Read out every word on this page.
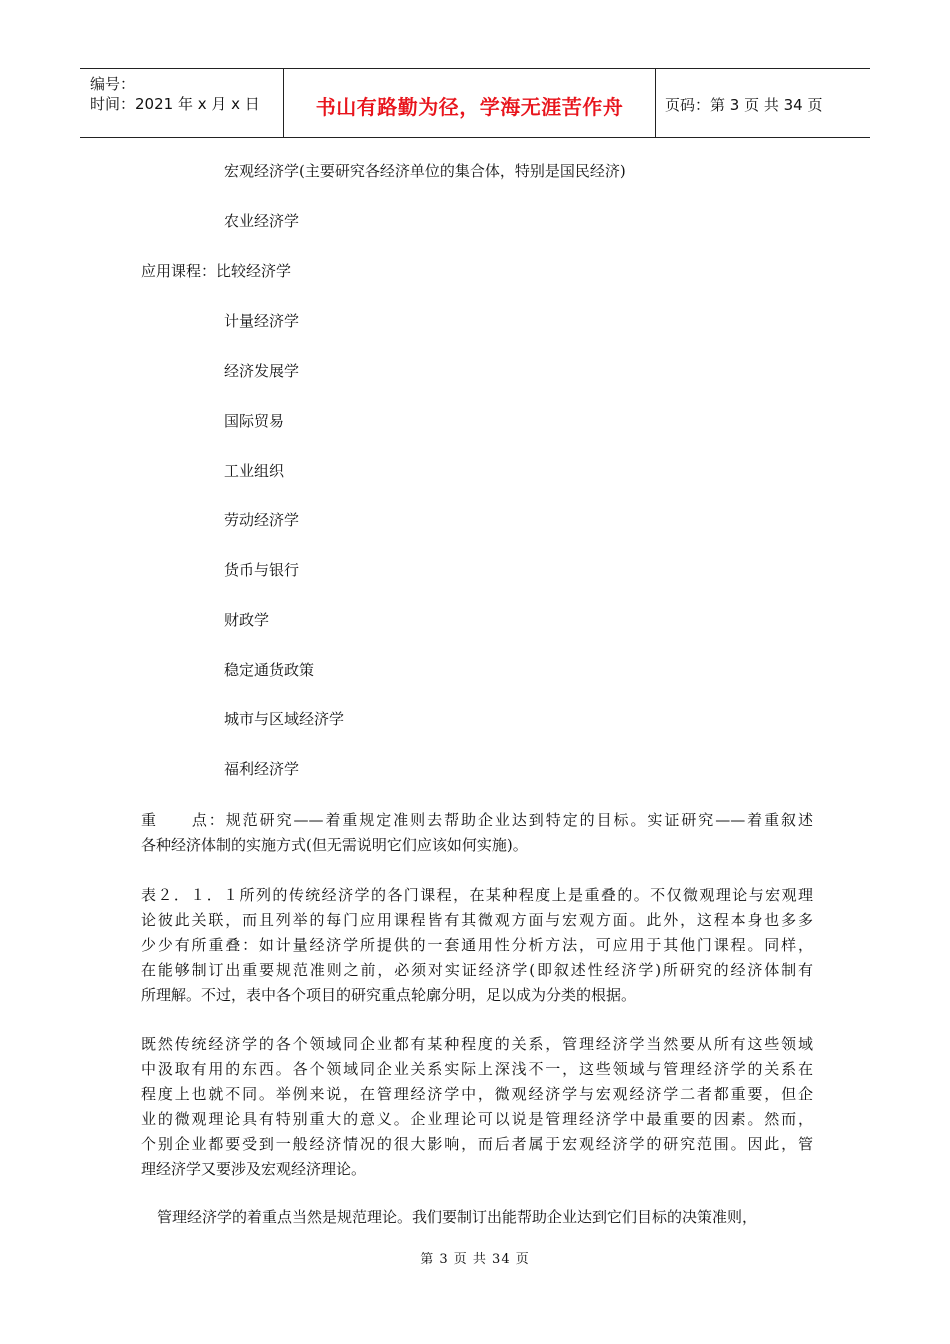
编号：
时间：2021 年 x 月 x 日	书山有路勤为径，学海无涯苦作舟	页码：第 3 页 共 34 页
宏观经济学(主要研究各经济单位的集合体，特别是国民经济)
农业经济学
应用课程：比较经济学
计量经济学
经济发展学
国际贸易
工业组织
劳动经济学
货币与银行
财政学
稳定通货政策
城市与区域经济学
福利经济学
重　　点：规范研究——着重规定准则去帮助企业达到特定的目标。实证研究——着重叙述
各种经济体制的实施方式(但无需说明它们应该如何实施)。
表２．１．１所列的传统经济学的各门课程，在某种程度上是重叠的。不仅微观理论与宏观理
论彼此关联，而且列举的每门应用课程皆有其微观方面与宏观方面。此外，这程本身也多多
少少有所重叠：如计量经济学所提供的一套通用性分析方法，可应用于其他门课程。同样，
在能够制订出重要规范准则之前，必须对实证经济学(即叙述性经济学)所研究的经济体制有
所理解。不过，表中各个项目的研究重点轮廓分明，足以成为分类的根据。
既然传统经济学的各个领域同企业都有某种程度的关系，管理经济学当然要从所有这些领域
中汲取有用的东西。各个领域同企业关系实际上深浅不一，这些领域与管理经济学的关系在
程度上也就不同。举例来说，在管理经济学中，微观经济学与宏观经济学二者都重要，但企
业的微观理论具有特别重大的意义。企业理论可以说是管理经济学中最重要的因素。然而，
个别企业都要受到一般经济情况的很大影响，而后者属于宏观经济学的研究范围。因此，管
理经济学又要涉及宏观经济理论。
管理经济学的着重点当然是规范理论。我们要制订出能帮助企业达到它们目标的决策准则，
第 3 页 共 34 页
